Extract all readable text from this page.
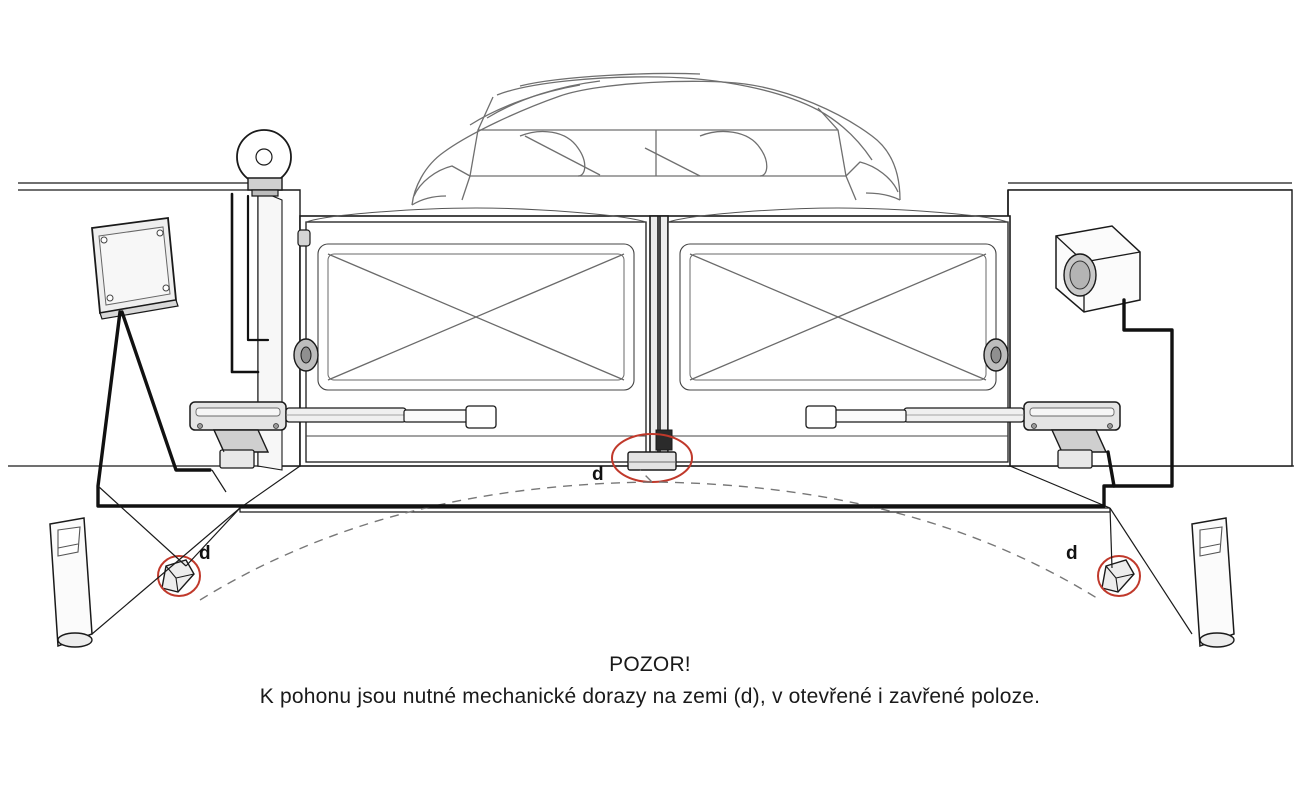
d
d	d
POZOR!
K pohonu jsou nutné mechanické dorazy na zemi (d), v otevřené i zavřené poloze.
